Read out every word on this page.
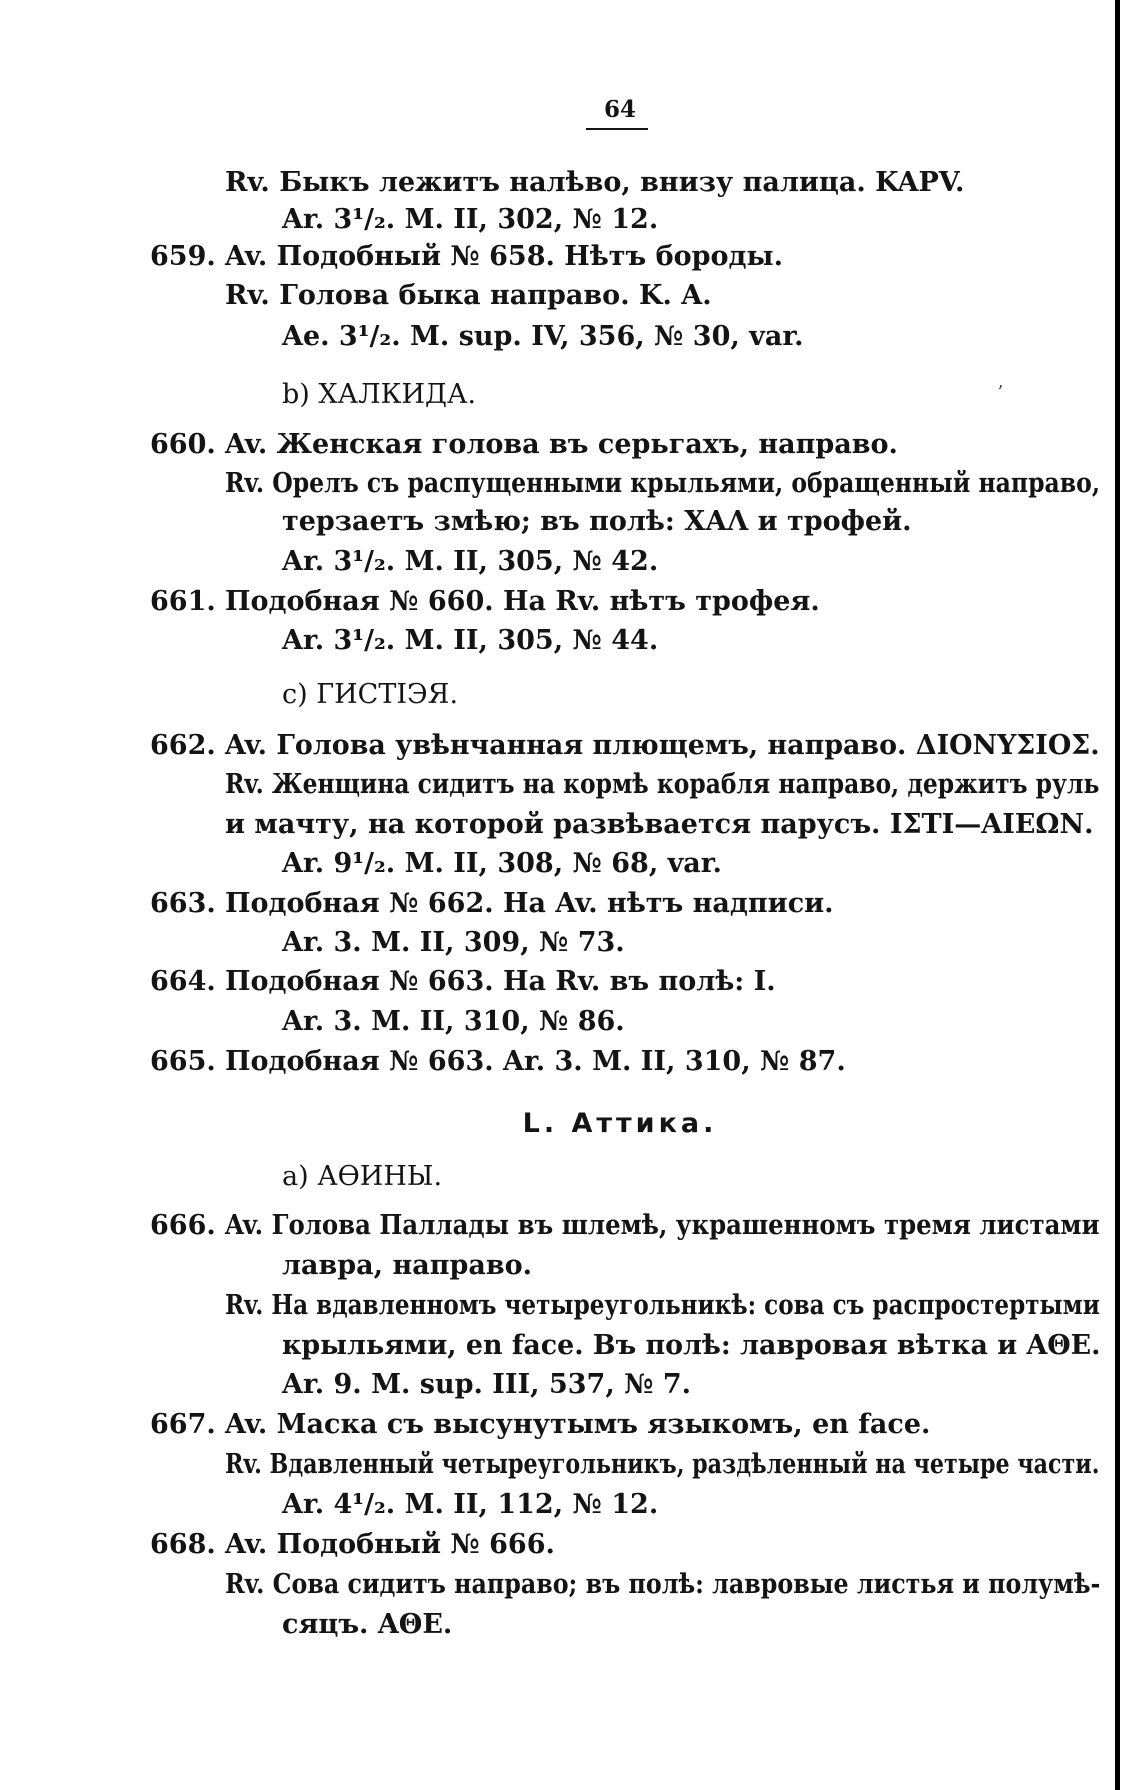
64
Rv. Быкъ лежитъ налѣво, внизу палица. KAPV.
Ar. 3¹/₂. M. II, 302, № 12.
659. Av. Подобный № 658. Нѣтъ бороды.
Rv. Голова быка направо. K. A.
Ae. 3¹/₂. M. sup. IV, 356, № 30, var.
b) ХАЛКИДА.	ʼ
660. Av. Женская голова въ серьгахъ, направо.
Rv. Орелъ съ распущенными крыльями, обращенный направо,
терзаетъ змѣю; въ полѣ: ХАΛ и трофей.
Ar. 3¹/₂. M. II, 305, № 42.
661. Подобная № 660. На Rv. нѣтъ трофея.
Ar. 3¹/₂. M. II, 305, № 44.
c) ГИСТІЭЯ.
662. Av. Голова увѣнчанная плющемъ, направо. ΔΙΟΝΥΣΙΟΣ.
Rv. Женщина сидитъ на кормѣ корабля направо, держитъ руль
и мачту, на которой развѣвается парусъ. ΙΣΤΙ—ΑΙΕΩΝ.
Ar. 9¹/₂. M. II, 308, № 68, var.
663. Подобная № 662. На Av. нѣтъ надписи.
Ar. 3. M. II, 309, № 73.
664. Подобная № 663. На Rv. въ полѣ: Ι.
Ar. 3. M. II, 310, № 86.
665. Подобная № 663. Ar. 3. M. II, 310, № 87.
L. Аттика.
a) АѲИНЫ.
666. Av. Голова Паллады въ шлемѣ, украшенномъ тремя листами
лавра, направо.
Rv. На вдавленномъ четыреугольникѣ: сова съ распростертыми
крыльями, en face. Въ полѣ: лавровая вѣтка и ΑΘΕ.
Ar. 9. M. sup. III, 537, № 7.
667. Av. Маска съ высунутымъ языкомъ, en face.
Rv. Вдавленный четыреугольникъ, раздѣленный на четыре части.
Ar. 4¹/₂. M. II, 112, № 12.
668. Av. Подобный № 666.
Rv. Сова сидитъ направо; въ полѣ: лавровые листья и полумѣ-
сяцъ. ΑΘΕ.
